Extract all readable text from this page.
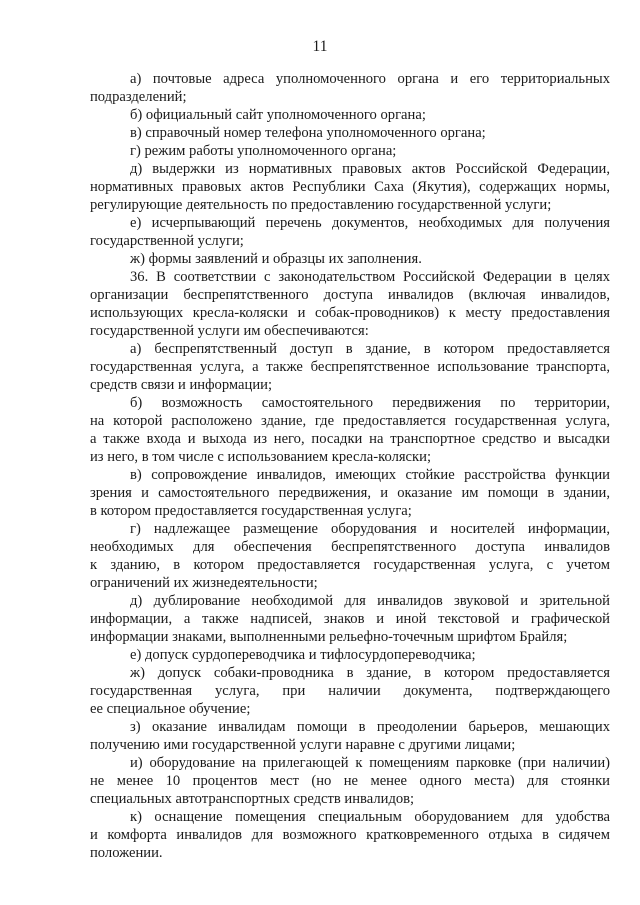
11

а) почтовые адреса уполномоченного органа и его территориальных
подразделений;

б) официальный сайт уполномоченного органа;

в) справочный номер телефона уполномоченного органа;

г) режим работы уполномоченного органа;

д) выдержки из нормативных правовых актов Российской Федерации,
нормативных правовых актов Республики Саха (Якутия), содержащих нормы,
регулирующие деятельность по предоставлению государственной услуги;

е) исчерпывающий перечень документов, необходимых для получения
государственной услуги;

ж) формы заявлений и образцы их заполнения.

36. В соответствии с законодательством Российской Федерации в целях
организации беспрепятственного доступа инвалидов (включая инвалидов,
использующих кресла-коляски и собак-проводников) к месту предоставления
государственной услуги им обеспечиваются:

а) беспрепятственный доступ в здание, в котором предоставляется
государственная услуга, а также беспрепятственное использование транспорта,
средств связи и информации;

б) возможность самостоятельного передвижения по территории,
на которой расположено здание, где предоставляется государственная услуга,
а также входа и выхода из него, посадки на транспортное средство и высадки
из него, в том числе с использованием кресла-коляски;

в) сопровождение инвалидов, имеющих стойкие расстройства функции
зрения и самостоятельного передвижения, и оказание им помощи в здании,
в котором предоставляется государственная услуга;

г) надлежащее размещение оборудования и носителей информации,
необходимых для обеспечения беспрепятственного доступа инвалидов
к зданию, в котором предоставляется государственная услуга, с учетом
ограничений их жизнедеятельности;

д) дублирование необходимой для инвалидов звуковой и зрительной
информации, а также надписей, знаков и иной текстовой и графической
информации знаками, выполненными рельефно-точечным шрифтом Брайля;

е) допуск сурдопереводчика и тифлосурдопереводчика;

ж) допуск собаки-проводника в здание, в котором предоставляется
государственная услуга, при наличии документа, подтверждающего
ее специальное обучение;

з) оказание инвалидам помощи в преодолении барьеров, мешающих
получению ими государственной услуги наравне с другими лицами;

и) оборудование на прилегающей к помещениям парковке (при наличии)
не менее 10 процентов мест (но не менее одного места) для стоянки
специальных автотранспортных средств инвалидов;

к) оснащение помещения специальным оборудованием для удобства
и комфорта инвалидов для возможного кратковременного отдыха в сидячем
положении.
